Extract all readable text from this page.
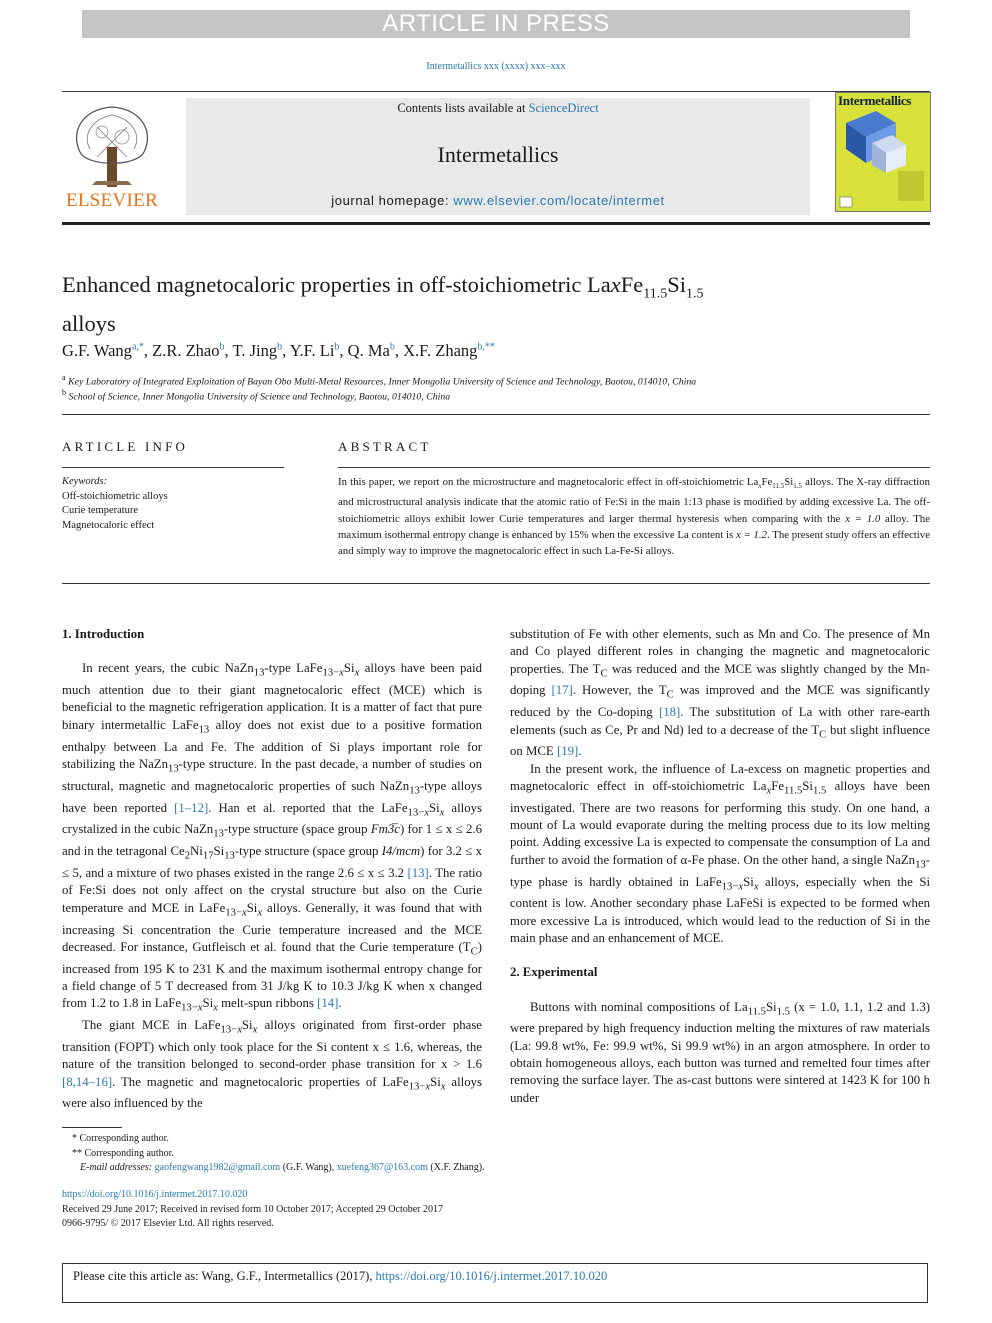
ARTICLE IN PRESS
Intermetallics xxx (xxxx) xxx–xxx
ELSEVIER
Contents lists available at ScienceDirect
Intermetallics
journal homepage: www.elsevier.com/locate/intermet
Intermetallics
Enhanced magnetocaloric properties in off-stoichiometric $LaxFe_{11.5}Si_{1.5}$
alloys
G.F. Wang$^{a,*}$, Z.R. Zhao$^b$, T. Jing$^b$, Y.F. Li$^b$, Q. Ma$^b$, X.F. Zhang$^{b,**}$
$^a$ Key Laboratory of Integrated Exploitation of Bayan Obo Multi-Metal Resources, Inner Mongolia University of Science and Technology, Baotou, 014010, China
$^b$ School of Science, Inner Mongolia University of Science and Technology, Baotou, 014010, China
ARTICLE INFO
Keywords:
Off-stoichiometric alloys
Curie temperature
Magnetocaloric effect
ABSTRACT
In this paper, we report on the microstructure and magnetocaloric effect in off-stoichiometric $La_xFe_{11.5}Si_{1.5}$ alloys. The X-ray diffraction and microstructural analysis indicate that the atomic ratio of Fe:Si in the main 1:13 phase is modified by adding excessive La. The off-stoichiometric alloys exhibit lower Curie temperatures and larger thermal hysteresis when comparing with the x = 1.0 alloy. The maximum isothermal entropy change is enhanced by 15% when the excessive La content is x = 1.2. The present study offers an effective and simply way to improve the magnetocaloric effect in such La-Fe-Si alloys.
1. Introduction

In recent years, the cubic NaZn$_{13}$-type $LaFe_{13-x}Si_x$ alloys have been paid much attention due to their giant magnetocaloric effect (MCE) which is beneficial to the magnetic refrigeration application. It is a matter of fact that pure binary intermetallic LaFe$_{13}$ alloy does not exist due to a positive formation enthalpy between La and Fe. The addition of Si plays important role for stabilizing the NaZn$_{13}$-type structure. In the past decade, a number of studies on structural, magnetic and magnetocaloric properties of such NaZn$_{13}$-type alloys have been reported [1–12]. Han et al. reported that the $LaFe_{13-x}Si_x$ alloys crystalized in the cubic NaZn$_{13}$-type structure (space group Fm3̅c) for 1 ≤ x ≤ 2.6 and in the tetragonal $Ce_2Ni_{17}Si_{13}$-type structure (space group I4/mcm) for 3.2 ≤ x ≤ 5, and a mixture of two phases existed in the range 2.6 ≤ x ≤ 3.2 [13]. The ratio of Fe:Si does not only affect on the crystal structure but also on the Curie temperature and MCE in $LaFe_{13-x}Si_x$ alloys. Generally, it was found that with increasing Si concentration the Curie temperature increased and the MCE decreased. For instance, Gutfleisch et al. found that the Curie temperature $(T_C)$ increased from 195 K to 231 K and the maximum isothermal entropy change for a field change of 5 T decreased from 31 J/kg K to 10.3 J/kg K when x changed from 1.2 to 1.8 in $LaFe_{13-x}Si_x$ melt-spun ribbons [14].

The giant MCE in $LaFe_{13-x}Si_x$ alloys originated from first-order phase transition (FOPT) which only took place for the Si content x ≤ 1.6, whereas, the nature of the transition belonged to second-order phase transition for x > 1.6 [8,14–16]. The magnetic and magnetocaloric properties of $LaFe_{13-x}Si_x$ alloys were also influenced by the

substitution of Fe with other elements, such as Mn and Co. The presence of Mn and Co played different roles in changing the magnetic and magnetocaloric properties. The $T_C$ was reduced and the MCE was slightly changed by the Mn-doping [17]. However, the $T_C$ was improved and the MCE was significantly reduced by the Co-doping [18]. The substitution of La with other rare-earth elements (such as Ce, Pr and Nd) led to a decrease of the $T_C$ but slight influence on MCE [19].

In the present work, the influence of La-excess on magnetic properties and magnetocaloric effect in off-stoichiometric $La_xFe_{11.5}Si_{1.5}$ alloys have been investigated. There are two reasons for performing this study. On one hand, a mount of La would evaporate during the melting process due to its low melting point. Adding excessive La is expected to compensate the consumption of La and further to avoid the formation of α-Fe phase. On the other hand, a single NaZn$_{13}$-type phase is hardly obtained in $LaFe_{13-x}Si_x$ alloys, especially when the Si content is low. Another secondary phase LaFeSi is expected to be formed when more excessive La is introduced, which would lead to the reduction of Si in the main phase and an enhancement of MCE.

2. Experimental

Buttons with nominal compositions of $La_{11.5}Si_{1.5}$ (x = 1.0, 1.1, 1.2 and 1.3) were prepared by high frequency induction melting the mixtures of raw materials (La: 99.8 wt%, Fe: 99.9 wt%, Si 99.9 wt%) in an argon atmosphere. In order to obtain homogeneous alloys, each button was turned and remelted four times after removing the surface layer. The as-cast buttons were sintered at 1423 K for 100 h under

* Corresponding author.
** Corresponding author.
E-mail addresses: gaofengwang1982@gmail.com (G.F. Wang), xuefeng367@163.com (X.F. Zhang).
https://doi.org/10.1016/j.intermet.2017.10.020
Received 29 June 2017; Received in revised form 10 October 2017; Accepted 29 October 2017
0966-9795/ © 2017 Elsevier Ltd. All rights reserved.
Please cite this article as: Wang, G.F., Intermetallics (2017), https://doi.org/10.1016/j.intermet.2017.10.020
